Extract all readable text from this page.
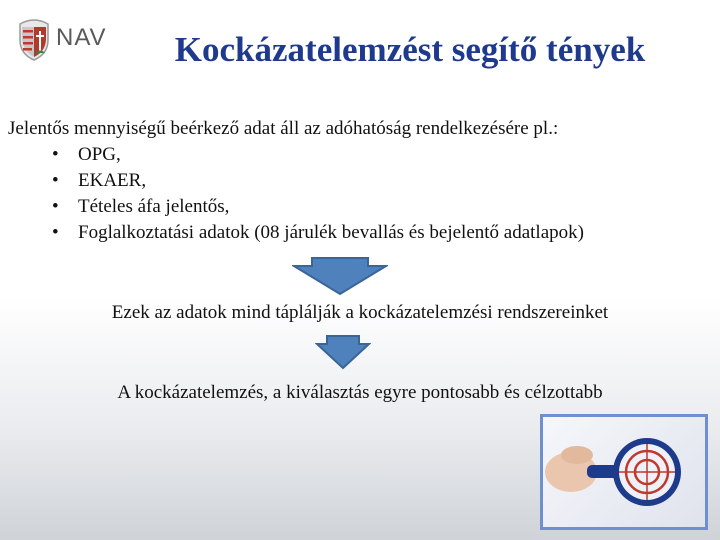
NAV	Kockázatelemzést segítő tények
Jelentős mennyiségű beérkező adat áll az adóhatóság rendelkezésére pl.:
• OPG,
• EKAER,
• Tételes áfa jelentős,
• Foglalkoztatási adatok (08 járulék bevallás és bejelentő adatlapok)
Ezek az adatok mind táplálják a kockázatelemzési rendszereinket
A kockázatelemzés, a kiválasztás egyre pontosabb és célzottabb
